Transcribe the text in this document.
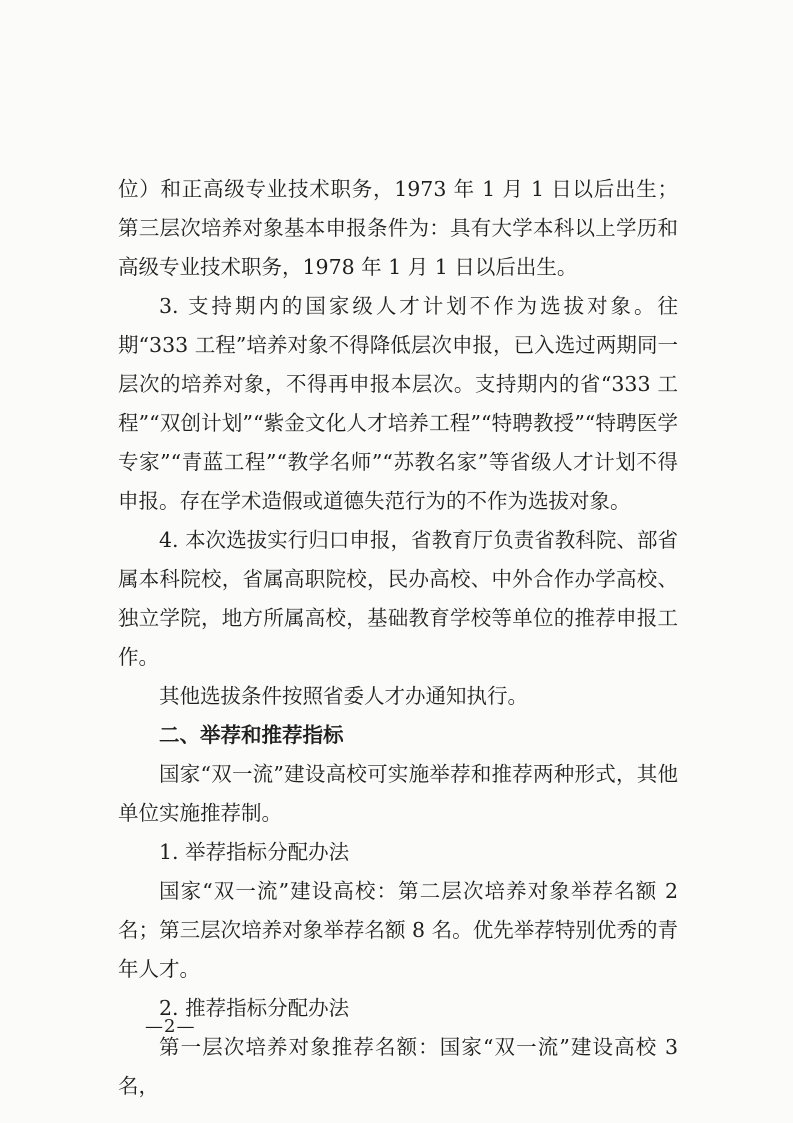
位）和正高级专业技术职务，1973 年 1 月 1 日以后出生；第三层次培养对象基本申报条件为：具有大学本科以上学历和高级专业技术职务，1978 年 1 月 1 日以后出生。

3. 支持期内的国家级人才计划不作为选拔对象。往期“333 工程”培养对象不得降低层次申报，已入选过两期同一层次的培养对象，不得再申报本层次。支持期内的省“333 工程”“双创计划”“紫金文化人才培养工程”“特聘教授”“特聘医学专家”“青蓝工程”“教学名师”“苏教名家”等省级人才计划不得申报。存在学术造假或道德失范行为的不作为选拔对象。

4. 本次选拔实行归口申报，省教育厅负责省教科院、部省属本科院校，省属高职院校，民办高校、中外合作办学高校、独立学院，地方所属高校，基础教育学校等单位的推荐申报工作。

其他选拔条件按照省委人才办通知执行。

二、举荐和推荐指标

国家“双一流”建设高校可实施举荐和推荐两种形式，其他单位实施推荐制。

1. 举荐指标分配办法

国家“双一流”建设高校：第二层次培养对象举荐名额 2 名；第三层次培养对象举荐名额 8 名。优先举荐特别优秀的青年人才。

2. 推荐指标分配办法

第一层次培养对象推荐名额：国家“双一流”建设高校 3 名，

—2—
